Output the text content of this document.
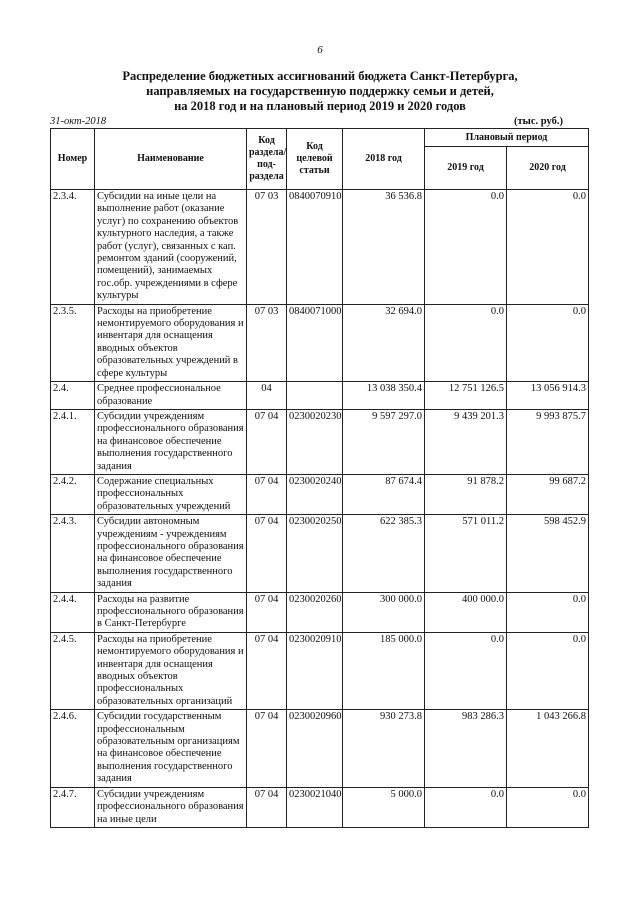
6
Распределение бюджетных ассигнований бюджета Санкт-Петербурга,
направляемых на государственную поддержку семьи и детей,
на 2018 год и на плановый период 2019 и 2020 годов
31-окт-2018	(тыс. руб.)
Номер	Наименование	Код раздела/ под- раздела	Код целевой статьи	2018 год	Плановый период	
					2019 год	2020 год
2.3.4.	Субсидии на иные цели на выполнение работ (оказание услуг) по сохранению объектов культурного наследия, а также работ (услуг), связанных с кап. ремонтом зданий (сооружений, помещений), занимаемых гос.обр. учреждениями в сфере культуры	07 03	0840070910	36 536.8	0.0	0.0
2.3.5.	Расходы на приобретение немонтируемого оборудования и инвентаря для оснащения вводных объектов образовательных учреждений в сфере культуры	07 03	0840071000	32 694.0	0.0	0.0
2.4.	Среднее профессиональное образование	04		13 038 350.4	12 751 126.5	13 056 914.3
2.4.1.	Субсидии учреждениям профессионального образования на финансовое обеспечение выполнения государственного задания	07 04	0230020230	9 597 297.0	9 439 201.3	9 993 875.7
2.4.2.	Содержание специальных профессиональных образовательных учреждений	07 04	0230020240	87 674.4	91 878.2	99 687.2
2.4.3.	Субсидии автономным учреждениям - учреждениям профессионального образования на финансовое обеспечение выполнения государственного задания	07 04	0230020250	622 385.3	571 011.2	598 452.9
2.4.4.	Расходы на развитие профессионального образования в Санкт-Петербурге	07 04	0230020260	300 000.0	400 000.0	0.0
2.4.5.	Расходы на приобретение немонтируемого оборудования и инвентаря для оснащения вводных объектов профессиональных образовательных организаций	07 04	0230020910	185 000.0	0.0	0.0
2.4.6.	Субсидии государственным профессиональным образовательным организациям на финансовое обеспечение выполнения государственного задания	07 04	0230020960	930 273.8	983 286.3	1 043 266.8
2.4.7.	Субсидии учреждениям профессионального образования на иные цели	07 04	0230021040	5 000.0	0.0	0.0
